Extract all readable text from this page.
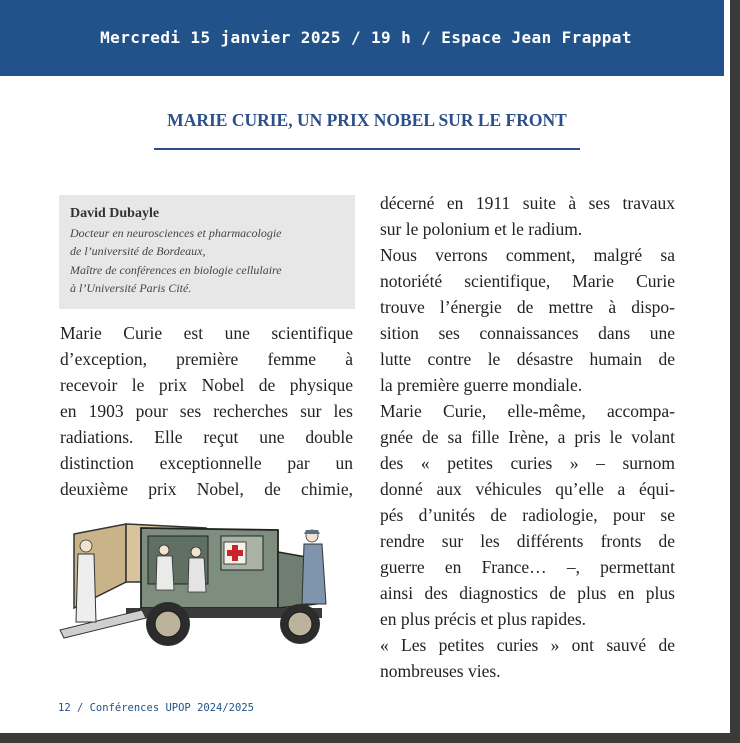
Mercredi 15 janvier 2025 / 19 h / Espace Jean Frappat
MARIE CURIE, UN PRIX NOBEL SUR LE FRONT
David Dubayle
Docteur en neurosciences et pharmacologie
de l’université de Bordeaux,
Maître de conférences en biologie cellulaire
à l’Université Paris Cité.
Marie Curie est une scientifique
d’exception, première femme à
recevoir le prix Nobel de physique
en 1903 pour ses recherches sur les
radiations. Elle reçut une double
distinction exceptionnelle par un
deuxième prix Nobel, de chimie,
décerné en 1911 suite à ses travaux
sur le polonium et le radium.
Nous verrons comment, malgré sa
notoriété scientifique, Marie Curie
trouve l’énergie de mettre à dispo-
sition ses connaissances dans une
lutte contre le désastre humain de
la première guerre mondiale.
Marie Curie, elle-même, accompa-
gnée de sa fille Irène, a pris le volant
des « petites curies » – surnom
donné aux véhicules qu’elle a équi-
pés d’unités de radiologie, pour se
rendre sur les différents fronts de
guerre en France… –, permettant
ainsi des diagnostics de plus en plus
en plus précis et plus rapides.
« Les petites curies » ont sauvé de
nombreuses vies.
12 / Conférences UPOP 2024/2025
